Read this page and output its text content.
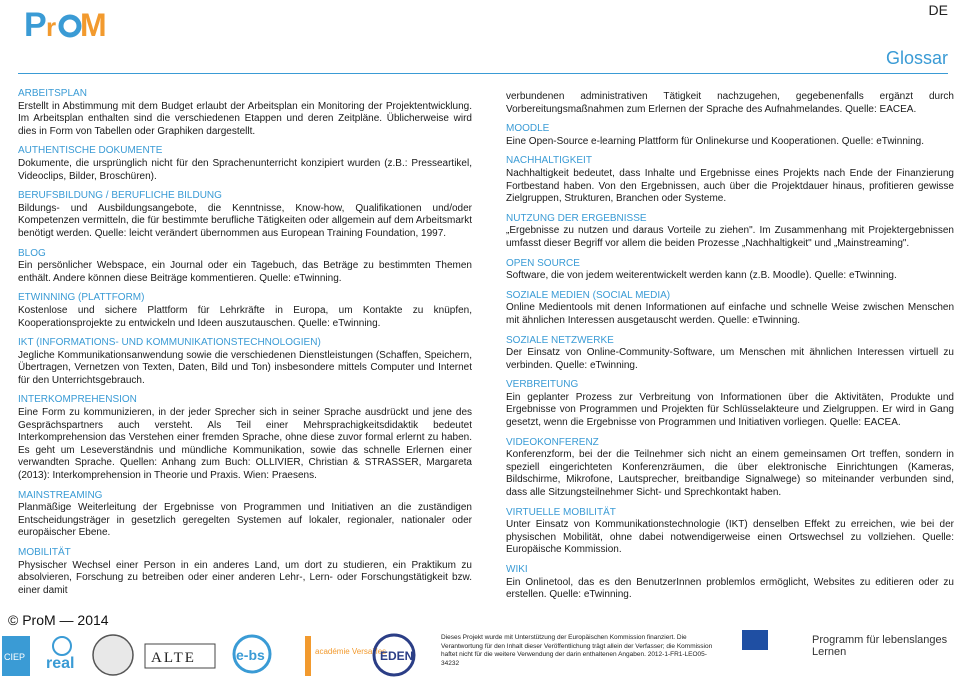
P r M	DE
Glossar
ARBEITSPLAN
Erstellt in Abstimmung mit dem Budget erlaubt der Arbeitsplan ein Monitoring der Projektentwicklung. Im Arbeitsplan enthalten sind die verschiedenen Etappen und deren Zeitpläne. Üblicherweise wird dies in Form von Tabellen oder Graphiken dargestellt.
AUTHENTISCHE DOKUMENTE
Dokumente, die ursprünglich nicht für den Sprachenunterricht konzipiert wurden (z.B.: Presseartikel, Videoclips, Bilder, Broschüren).
BERUFSBILDUNG / BERUFLICHE BILDUNG
Bildungs- und Ausbildungsangebote, die Kenntnisse, Know-how, Qualifikationen und/oder Kompetenzen vermitteln, die für bestimmte berufliche Tätigkeiten oder allgemein auf dem Arbeitsmarkt benötigt werden. Quelle: leicht verändert übernommen aus European Training Foundation, 1997.
BLOG
Ein persönlicher Webspace, ein Journal oder ein Tagebuch, das Beträge zu bestimmten Themen enthält. Andere können diese Beiträge kommentieren. Quelle: eTwinning.
ETWINNING (PLATTFORM)
Kostenlose und sichere Plattform für Lehrkräfte in Europa, um Kontakte zu knüpfen, Kooperationsprojekte zu entwickeln und Ideen auszutauschen. Quelle: eTwinning.
IKT (INFORMATIONS- UND KOMMUNIKATIONSTECHNOLOGIEN)
Jegliche Kommunikationsanwendung sowie die verschiedenen Dienstleistungen (Schaffen, Speichern, Übertragen, Vernetzen von Texten, Daten, Bild und Ton) insbesondere mittels Computer und Internet für den Unterrichtsgebrauch.
INTERKOMPREHENSION
Eine Form zu kommunizieren, in der jeder Sprecher sich in seiner Sprache ausdrückt und jene des Gesprächspartners auch versteht. Als Teil einer Mehrsprachigkeitsdidaktik bedeutet Interkomprehension das Verstehen einer fremden Sprache, ohne diese zuvor formal erlernt zu haben. Es geht um Leseverständnis und mündliche Kommunikation, sowie das schnelle Erlernen einer verwandten Sprache. Quellen: Anhang zum Buch: OLLIVIER, Christian & STRASSER, Margareta (2013): Interkomprehension in Theorie und Praxis. Wien: Praesens.
MAINSTREAMING
Planmäßige Weiterleitung der Ergebnisse von Programmen und Initiativen an die zuständigen Entscheidungsträger in gesetzlich geregelten Systemen auf lokaler, regionaler, nationaler oder europäischer Ebene.
MOBILITÄT
Physischer Wechsel einer Person in ein anderes Land, um dort zu studieren, ein Praktikum zu absolvieren, Forschung zu betreiben oder einer anderen Lehr-, Lern- oder Forschungstätigkeit bzw. einer damit
verbundenen administrativen Tätigkeit nachzugehen, gegebenenfalls ergänzt durch Vorbereitungsmaßnahmen zum Erlernen der Sprache des Aufnahmelandes. Quelle: EACEA.
MOODLE
Eine Open-Source e-learning Plattform für Onlinekurse und Kooperationen. Quelle: eTwinning.
NACHHALTIGKEIT
Nachhaltigkeit bedeutet, dass Inhalte und Ergebnisse eines Projekts nach Ende der Finanzierung Fortbestand haben. Von den Ergebnissen, auch über die Projektdauer hinaus, profitieren gewisse Zielgruppen, Strukturen, Branchen oder Systeme.
NUTZUNG DER ERGEBNISSE
„Ergebnisse zu nutzen und daraus Vorteile zu ziehen". Im Zusammenhang mit Projektergebnissen umfasst dieser Begriff vor allem die beiden Prozesse „Nachhaltigkeit" und „Mainstreaming".
OPEN SOURCE
Software, die von jedem weiterentwickelt werden kann (z.B. Moodle). Quelle: eTwinning.
SOZIALE MEDIEN (SOCIAL MEDIA)
Online Medientools mit denen Informationen auf einfache und schnelle Weise zwischen Menschen mit ähnlichen Interessen ausgetauscht werden. Quelle: eTwinning.
SOZIALE NETZWERKE
Der Einsatz von Online-Community-Software, um Menschen mit ähnlichen Interessen virtuell zu verbinden. Quelle: eTwinning.
VERBREITUNG
Ein geplanter Prozess zur Verbreitung von Informationen über die Aktivitäten, Produkte und Ergebnisse von Programmen und Projekten für Schlüsselakteure und Zielgruppen. Er wird in Gang gesetzt, wenn die Ergebnisse von Programmen und Initiativen vorliegen. Quelle: EACEA.
VIDEOKONFERENZ
Konferenzform, bei der die Teilnehmer sich nicht an einem gemeinsamen Ort treffen, sondern in speziell eingerichteten Konferenzräumen, die über elektronische Einrichtungen (Kameras, Bildschirme, Mikrofone, Lautsprecher, breitbandige Signalwege) so miteinander verbunden sind, dass alle Sitzungsteilnehmer Sicht- und Sprechkontakt haben.
VIRTUELLE MOBILITÄT
Unter Einsatz von Kommunikationstechnologie (IKT) denselben Effekt zu erreichen, wie bei der physischen Mobilität, ohne dabei notwendigerweise einen Ortswechsel zu vollziehen. Quelle: Europäische Kommission.
WIKI
Ein Onlinetool, das es den BenutzerInnen problemlos ermöglicht, Websites zu editieren oder zu erstellen. Quelle: eTwinning.
© ProM — 2014
CIEP real	ALTE	e-bs	académie Versailles
EDEN
Dieses Projekt wurde mit Unterstützung der Europäischen Kommission finanziert. Die Verantwortung für den Inhalt dieser Veröffentlichung trägt allein der Verfasser; die Kommission haftet nicht für die weitere Verwendung der darin enthaltenen Angaben. 2012-1-FR1-LEO05-34232
Programm für lebenslanges Lernen
